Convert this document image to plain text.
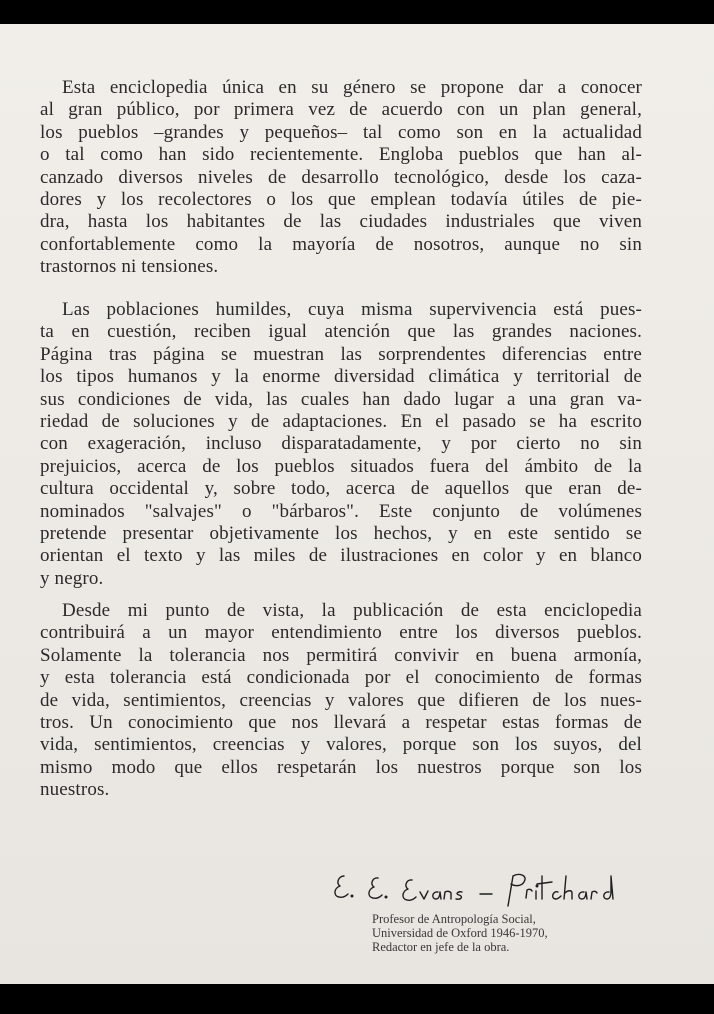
Esta enciclopedia única en su género se propone dar a conocer
al gran público, por primera vez de acuerdo con un plan general,
los pueblos –grandes y pequeños– tal como son en la actualidad
o tal como han sido recientemente. Engloba pueblos que han al-
canzado diversos niveles de desarrollo tecnológico, desde los caza-
dores y los recolectores o los que emplean todavía útiles de pie-
dra, hasta los habitantes de las ciudades industriales que viven
confortablemente como la mayoría de nosotros, aunque no sin
trastornos ni tensiones.
Las poblaciones humildes, cuya misma supervivencia está pues-
ta en cuestión, reciben igual atención que las grandes naciones.
Página tras página se muestran las sorprendentes diferencias entre
los tipos humanos y la enorme diversidad climática y territorial de
sus condiciones de vida, las cuales han dado lugar a una gran va-
riedad de soluciones y de adaptaciones. En el pasado se ha escrito
con exageración, incluso disparatadamente, y por cierto no sin
prejuicios, acerca de los pueblos situados fuera del ámbito de la
cultura occidental y, sobre todo, acerca de aquellos que eran de-
nominados "salvajes" o "bárbaros". Este conjunto de volúmenes
pretende presentar objetivamente los hechos, y en este sentido se
orientan el texto y las miles de ilustraciones en color y en blanco
y negro.
Desde mi punto de vista, la publicación de esta enciclopedia
contribuirá a un mayor entendimiento entre los diversos pueblos.
Solamente la tolerancia nos permitirá convivir en buena armonía,
y esta tolerancia está condicionada por el conocimiento de formas
de vida, sentimientos, creencias y valores que difieren de los nues-
tros. Un conocimiento que nos llevará a respetar estas formas de
vida, sentimientos, creencias y valores, porque son los suyos, del
mismo modo que ellos respetarán los nuestros porque son los
nuestros.
Profesor de Antropología Social,
Universidad de Oxford 1946-1970,
Redactor en jefe de la obra.
